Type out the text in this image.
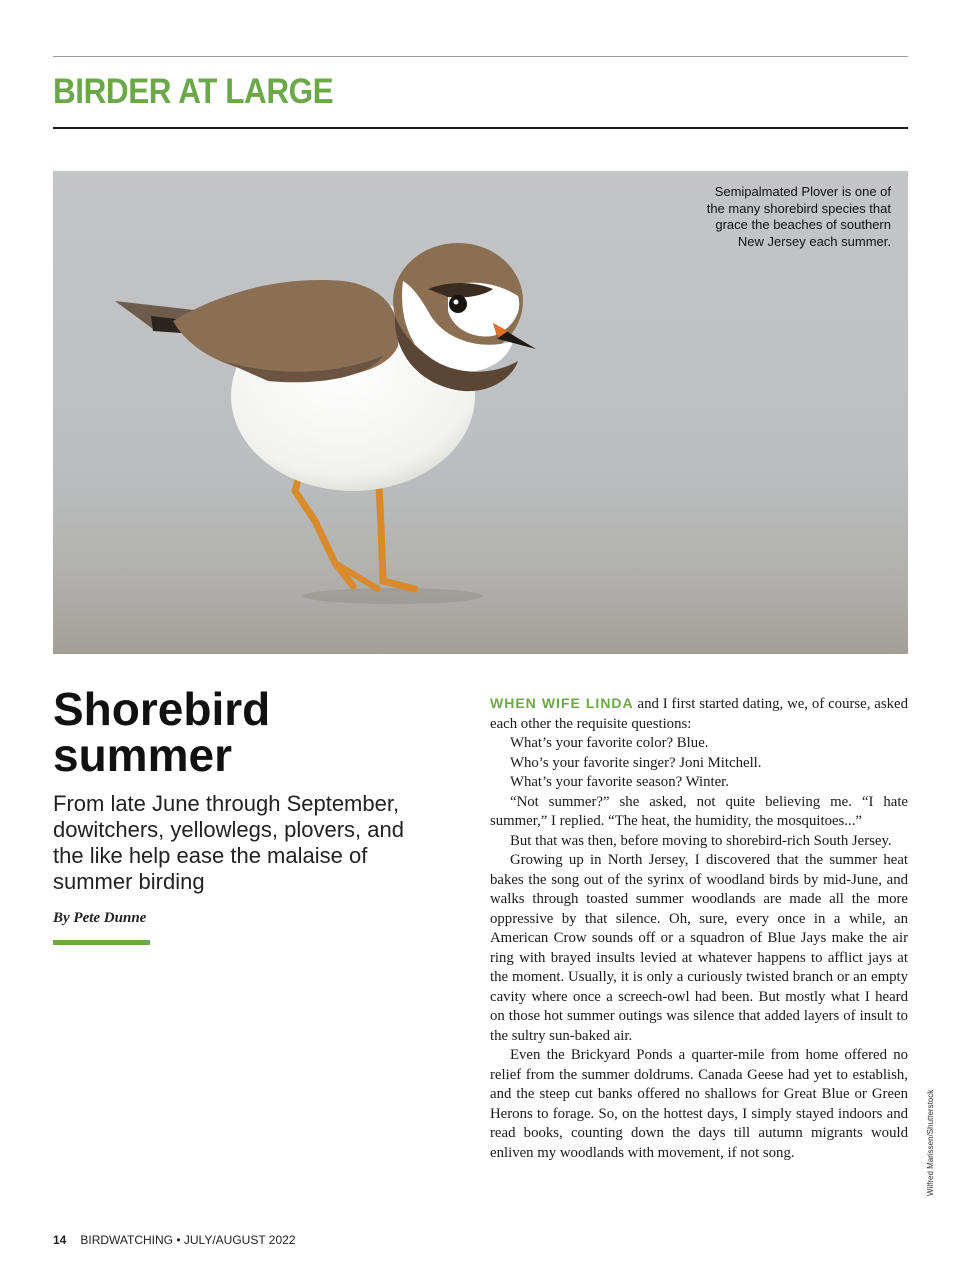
BIRDER AT LARGE
Semipalmated Plover is one of the many shorebird species that grace the beaches of southern New Jersey each summer.
Shorebird summer

From late June through September, dowitchers, yellowlegs, plovers, and the like help ease the malaise of summer birding

By Pete Dunne

WHEN WIFE LINDA and I first started dating, we, of course, asked each other the requisite questions:

What’s your favorite color? Blue.

Who’s your favorite singer? Joni Mitchell.

What’s your favorite season? Winter.

“Not summer?” she asked, not quite believing me. “I hate summer,” I replied. “The heat, the humidity, the mosquitoes...”

But that was then, before moving to shorebird-rich South Jersey.

Growing up in North Jersey, I discovered that the summer heat bakes the song out of the syrinx of woodland birds by mid-June, and walks through toasted summer woodlands are made all the more oppressive by that silence. Oh, sure, every once in a while, an American Crow sounds off or a squadron of Blue Jays make the air ring with brayed insults levied at whatever happens to afflict jays at the moment. Usually, it is only a curiously twisted branch or an empty cavity where once a screech-owl had been. But mostly what I heard on those hot summer outings was silence that added layers of insult to the sultry sun-baked air.

Even the Brickyard Ponds a quarter-mile from home offered no relief from the summer doldrums. Canada Geese had yet to establish, and the steep cut banks offered no shallows for Great Blue or Green Herons to forage. So, on the hottest days, I simply stayed indoors and read books, counting down the days till autumn migrants would enliven my woodlands with movement, if not song.	Wilfred Marissen/Shutterstock
14 BIRDWATCHING • JULY/AUGUST 2022
